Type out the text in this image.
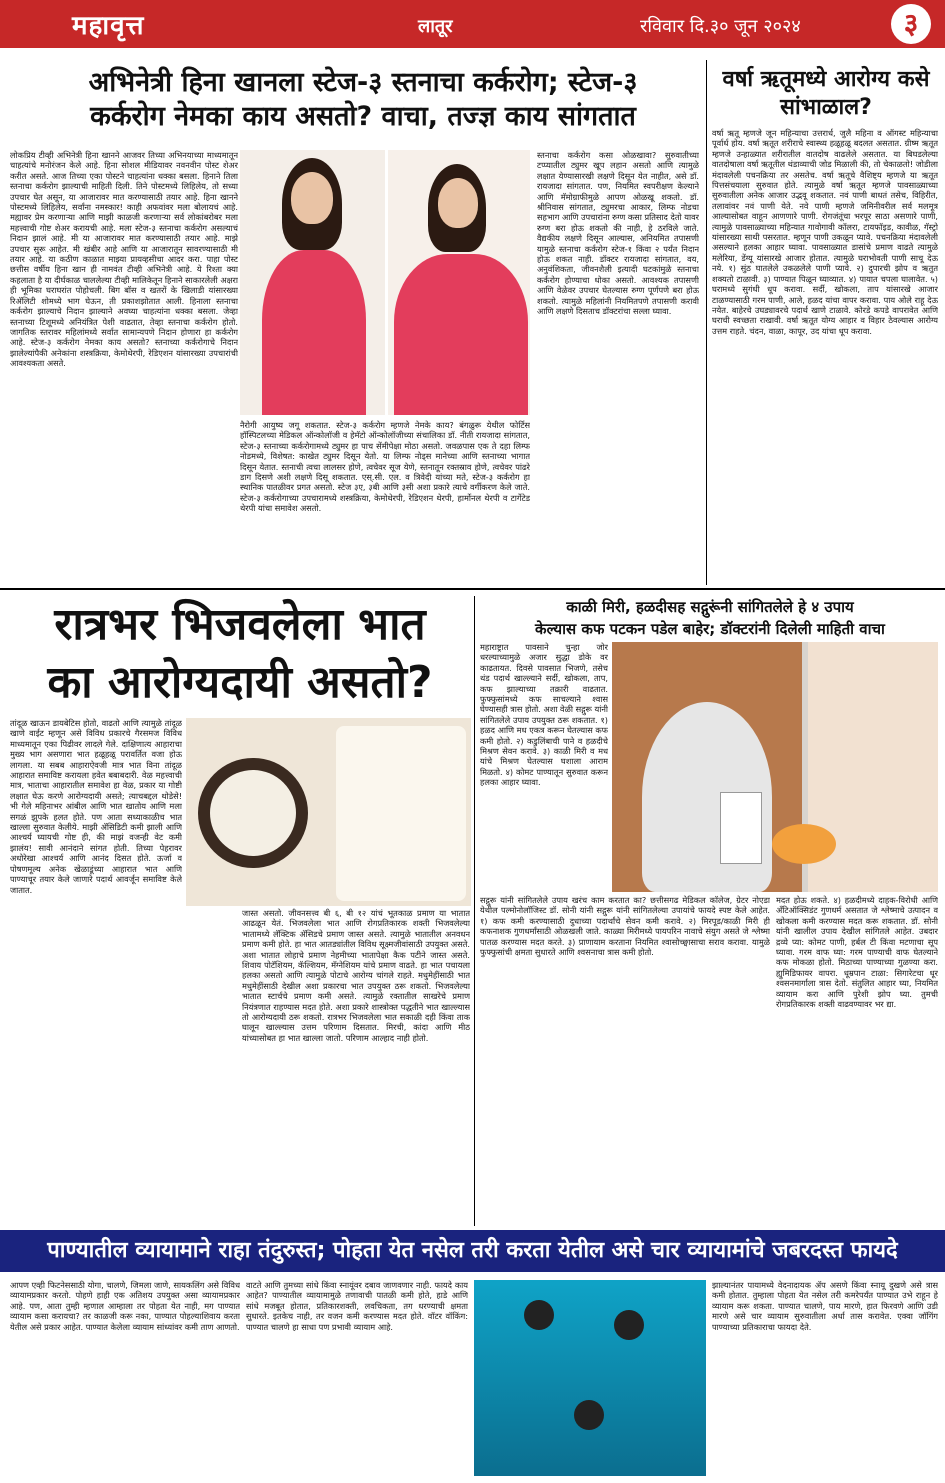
महावृत्त	लातूर	रविवार दि.३० जून २०२४	३
अभिनेत्री हिना खानला स्टेज-३ स्तनाचा कर्करोग; स्टेज-३
कर्करोग नेमका काय असतो? वाचा, तज्ज्ञ काय सांगतात
लोकप्रिय टीव्ही अभिनेत्री हिना खानने आजवर तिच्या अभिनयाच्या माध्यमातून चाहत्यांचे मनोरंजन केले आहे. हिना सोशल मीडियावर नवनवीन पोस्ट शेअर करीत असते. आज तिच्या एका पोस्टने चाहत्यांना धक्का बसला. हिनाने तिला स्तनाचा कर्करोग झाल्याची माहिती दिली. तिने पोस्टमध्ये लिहिलेय, तो सध्या उपचार घेत असून, या आजारावर मात करण्यासाठी तयार आहे. हिना खानने पोस्टमध्ये लिहिलेय, सर्वांना नमस्कार! काही अफवांवर मला बोलायचं आहे. मह्यावर प्रेम करणाऱ्या आणि माझी काळजी करणाऱ्या सर्व लोकांबरोबर मला महत्त्वाची गोष्ट शेअर करायची आहे. मला स्टेज-३ स्तनाचा कर्करोग असल्याचं निदान झालं आहे. मी या आजारावर मात करण्यासाठी तयार आहे. माझे उपचार सुरू आहेत. मी खंबीर आहे आणि या आजारातून सावरण्यासाठी मी तयार आहे. या कठीण काळात माझ्या प्रायव्हसीचा आदर करा. पाहा पोस्ट छत्तीस वर्षीय हिना खान ही नामवंत टीव्ही अभिनेत्री आहे. ये रिश्ता क्या कहलाता है या दीर्घकाळ चाललेल्या टीव्ही मालिकेतून हिनाने साकारलेली अक्षरा ही भूमिका घराघरांत पोहोचली. बिग बॉस व खतरों के खिलाडी यांसारख्या रिॲलिटी शोमध्ये भाग घेऊन, ती प्रकाशझोतात आली. हिनाला स्तनाचा कर्करोग झाल्याचे निदान झाल्याने अवघ्या चाहत्यांना धक्का बसला. जेव्हा स्तनाच्या टिशूमध्ये अनियंत्रित पेशी वाढतात, तेव्हा स्तनाचा कर्करोग होतो. जागतिक स्तरावर महिलांमध्ये सर्वात सामान्यपणे निदान होणारा हा कर्करोग आहे. स्टेज-३ कर्करोग नेमका काय असतो? स्तनाच्या कर्करोगाचे निदान झालेल्यांपैकी अनेकांना शस्त्रक्रिया, केमोथेरपी, रेडिएशन यांसारख्या उपचारांची आवश्यकता असते.
नैरोगी आयुष्य जगू शकतात. स्टेज-३ कर्करोग म्हणजे नेमके काय? बंगळुरू येथील फोर्टिस हॉस्पिटलच्या मेडिकल ऑन्कोलॉजी व हेमॅटो ऑन्कोलॉजीच्या संचालिका डॉ. नीती रायजादा सांगतात, स्टेज-३ स्तनाच्या कर्करोगामध्ये ट्युमर हा पाच सेंमीपेक्षा मोठा असतो. जवळपास एक ते दहा लिम्फ नोडमध्ये, विशेषत: काखेत ट्युमर दिसून येतो. या लिम्फ नोड्स मानेच्या आणि स्तनाच्या भागात दिसून येतात. स्तनाची त्वचा लालसर होणे, त्वचेवर सूज येणे, स्तनातून रक्तस्राव होणे, त्वचेवर पांढरे डाग दिसणे अशी लक्षणे दिसू शकतात. एस्.सी. एल. व त्रिवेदी यांच्या मते, स्टेज-३ कर्करोग हा स्थानिक पातळीवर प्रगत असतो. स्टेज ३ए, ३बी आणि ३सी अशा प्रकारे त्याचे वर्गीकरण केले जाते. स्टेज-३ कर्करोगाच्या उपचारामध्ये शस्त्रक्रिया, केमोथेरपी, रेडिएशन थेरपी, हार्मोनल थेरपी व टार्गेटेड थेरपी यांचा समावेश असतो.
स्तनाचा कर्करोग कसा ओळखावा? सुरुवातीच्या टप्प्यातील ट्युमर खूप लहान असतो आणि त्यामुळे लक्षात येण्यासारखी लक्षणे दिसून येत नाहीत, असे डॉ. रायजादा सांगतात. पण, नियमित स्वपरीक्षण केल्याने आणि मॅमोग्राफीमुळे आपण ओळखू शकतो. डॉ. श्रीनिवास सांगतात, ट्युमरचा आकार, लिम्फ नोडचा सहभाग आणि उपचारांना रुग्ण कसा प्रतिसाद देतो यावर रुग्ण बरा होऊ शकतो की नाही, हे ठरविले जाते. वैद्यकीय लक्षणे दिसून आल्यास, अनियमित तपासणी यामुळे स्तनाचा कर्करोग स्टेज-१ किंवा २ पर्यंत निदान होऊ शकत नाही. डॉक्टर रायजादा सांगतात, वय, अनुवंशिकता, जीवनशैली इत्यादी घटकांमुळे स्तनाचा कर्करोग होण्याचा धोका असतो. आवश्यक तपासणी आणि वेळेवर उपचार घेतल्यास रुग्ण पूर्णपणे बरा होऊ शकतो. त्यामुळे महिलांनी नियमितपणे तपासणी करावी आणि लक्षणे दिसताच डॉक्टरांचा सल्ला घ्यावा.
वर्षा ऋतूमध्ये आरोग्य कसे सांभाळाल?
वर्षा ऋतू म्हणजे जून महिन्याचा उत्तरार्ध, जुलै महिना व ऑगस्ट महिन्याचा पूर्वार्ध होय. वर्षा ऋतूत शरीराचे स्वास्थ्य हळूहळू बदलत असतात. ग्रीष्म ऋतूत म्हणजे उन्हाळ्यात शरीरातील वातदोष वाढलेले असतात. या बिघडलेल्या वातदोषाला वर्षा ऋतूतील थंडाव्याची जोड मिळाली की, तो चेकाळतो! जोडीला मंदावलेली पचनक्रिया तर असतेच. वर्षा ऋतूचे वैशिष्ट्य म्हणजे या ऋतूत पित्तसंचयाला सुरुवात होते. त्यामुळे वर्षा ऋतूत म्हणजे पावसाळ्याच्या सुरुवातीला अनेक आजार उद्भवू शकतात. नवं पाणी बाधतं तसेच, विहिरीत, तलावांवर नवं पाणी येते. नवे पाणी म्हणजे जमिनीवरील सर्व मलमूत्र आल्यासोबत वाहून आणणारे पाणी. रोगजंतूंचा भरपूर साठा असणारे पाणी, त्यामुळे पावसाळ्याच्या महिन्यात गावोगावी कॉलरा, टायफॉइड, कावीळ, गॅस्ट्रो यांसारख्या साथी पसरतात. म्हणून पाणी उकळून प्यावे. पचनक्रिया मंदावलेली असल्याने हलका आहार घ्यावा. पावसाळ्यात डासांचे प्रमाण वाढते त्यामुळे मलेरिया, डेंग्यू यांसारखे आजार होतात. त्यामुळे घराभोवती पाणी साचू देऊ नये. १) सुंठ घातलेले उकळलेले पाणी प्यावे. २) दुपारची झोप व ऋतुत शक्यतो टाळावी. ३) पाण्यात पिळून घ्याव्यात. ४) पायात चपला घालावेत. ५) घरामध्ये सुगंधी धूप करावा. सर्दी, खोकला, ताप यांसारखे आजार टाळण्यासाठी गरम पाणी, आले, हळद यांचा वापर करावा. पाय ओले राहू देऊ नयेत. बाहेरचे उघड्यावरचे पदार्थ खाणे टाळावे. कोरडे कपडे वापरावेत आणि घराची स्वच्छता राखावी. वर्षा ऋतूत योग्य आहार व विहार ठेवल्यास आरोग्य उत्तम राहते. चंदन, वाळा, कापूर, उद यांचा धूप करावा.
रात्रभर भिजवलेला भात
का आरोग्यदायी असतो?
तांदूळ खाऊन डायबेटिस होतो, वाढतो आणि त्यामुळे तांदूळ खाणे वाईट म्हणून असे विविध प्रकारचे गैरसमज विविध माध्यमातून एका पिढीवर लादले गेले. दाक्षिणात्य आहाराचा मुख्य भाग असणारा भात हळूहळू परावर्तित वजा होऊ लागला. या सबब आहाराऐवजी मात्र भात विना तांदूळ आहारात समाविष्ट करायला हवेत बबाबदारी. वेळ महत्त्वाची मात्र, भाताचा आहारातील समावेश हा वेळ, प्रकार या गोष्टी लक्षात घेऊ करणे आरोग्यदायी असते; त्याचबद्दल थोडेसे! भी गेले महिनाभर आंबील आणि भात खातोय आणि मला सगळं झुपके हलत होते. पण आता सध्याकाळीच भात खाल्ला सुरुवात केलीये. माझी ॲसिडिटी कमी झाली आणि आश्चर्य घ्यायची गोष्ट ही, की माझं वजन्ही वेट कमी झालंय! सावी आनंदाने सांगत होती. तिच्या पेहरावर अधोरेखा आश्चर्य आणि आनंद दिसत होते. ऊर्जा व पोषणमूल्य अनेक खेळाडूंच्या आहारात भात आणि पाण्याचूर तयार केले जाणारे पदार्थ आवर्जून समाविष्ट केले जातात.
जास्त असतो. जीवनसत्त्व बी ६, बी १२ यांचं भूतकाळ प्रमाण या भातात आढळून येतं. भिजवलेला भात आणि रोगप्रतिकारक शक्ती भिजवलेल्या भातामध्ये लॅक्टिक ॲसिडचे प्रमाण जास्त असते. त्यामुळे भातातील अनवधन प्रमाण कमी होते. हा भात आतड्यांतील विविध सूक्ष्मजीवांसाठी उपयुक्त असते. अशा भातात लोहाचे प्रमाण नेहमीच्या भातापेक्षा कैक पटीने जास्त असते. शिवाय पोटॅशियम, कॅल्शियम, मॅग्नेशियम यांचे प्रमाण वाढते. हा भात पचायला हलका असतो आणि त्यामुळे पोटाचे आरोग्य चांगले राहते. मधुमेहींसाठी भात मधुमेहींसाठी देखील अशा प्रकारचा भात उपयुक्त ठरू शकतो. भिजवलेल्या भातात स्टार्चचे प्रमाण कमी असते. त्यामुळे रक्तातील साखरेचे प्रमाण नियंत्रणात राहण्यास मदत होते. अशा प्रकारे शास्त्रोक्त पद्धतीने भात खाल्ल्यास तो आरोग्यदायी ठरू शकतो. रात्रभर भिजवलेला भात सकाळी दही किंवा ताक घालून खाल्ल्यास उत्तम परिणाम दिसतात. मिरची, कांदा आणि मीठ यांच्यासोबत हा भात खाल्ला जातो. परिणाम आल्हाद नाही होतो.
काळी मिरी, हळदीसह सद्गुरूंनी सांगितलेले हे ४ उपाय
केल्यास कफ पटकन पडेल बाहेर; डॉक्टरांनी दिलेली माहिती वाचा
महाराष्ट्रात पावसाने चुन्हा जोर धरल्याच्यामुळे अजार सुद्धा डोके वर काढतायत. दिवसे पावसात भिजणे, तसेच थंड पदार्थ खाल्ल्याने सर्दी, खोकला, ताप, कफ झाल्याच्या तक्रारी वाढतात. फुफ्फुसांमध्ये कफ साचल्याने श्वास घेण्यासही त्रास होतो. अशा वेळी सद्गुरू यांनी सांगितलेले उपाय उपयुक्त ठरू शकतात. १) हळद आणि मध एकत्र करून घेतल्यास कफ कमी होतो. २) कडुलिंबाची पाने व हळदीचे मिश्रण सेवन करावे. ३) काळी मिरी व मध यांचे मिश्रण घेतल्यास घशाला आराम मिळतो. ४) कोमट पाण्यातून सुरुवात करून हलका आहार घ्यावा.
सद्गुरू यांनी सांगितलेले उपाय खरंच काम करतात का? छत्तीसगढ मेडिकल कॉलेज, ग्रेटर नोएडा येथील पल्मोनोलॉजिस्ट डॉ. सोनी यांनी सद्गुरू यांनी सांगितलेल्या उपायांचे फायदे स्पष्ट केले आहेत. १) कफ कमी करण्यासाठी दुधाच्या पदार्थांचे सेवन कमी करावे. २) मिरपूड/काळी मिरी ही कफनाशक गुणधर्मांसाठी ओळखली जाते. काळ्या मिरीमध्ये पायपरिन नावाचे संयुग असते जे श्लेष्मा पातळ करण्यास मदत करते. ३) प्राणायाम करताना नियमित श्वासोच्छ्वासाचा सराव करावा. यामुळे फुफ्फुसांची क्षमता सुधारते आणि श्वसनाचा त्रास कमी होतो.
मदत होऊ शकते. ४) हळदीमध्ये दाहक-विरोधी आणि अँटिऑक्सिडंट गुणधर्म असतात जे श्लेष्माचे उत्पादन व खोकला कमी करण्यास मदत करू शकतात. डॉ. सोनी यांनी खालील उपाय देखील सांगितले आहेत. उबदार द्रव्ये प्या: कोमट पाणी, हर्बल टी किंवा मटणाचा सूप घ्यावा. गरम वाफ घ्या: गरम पाण्याची वाफ घेतल्याने कफ मोकळा होतो. मिठाच्या पाण्याच्या गुळण्या करा. ह्युमिडिफायर वापरा. धूम्रपान टाळा: सिगारेटचा धूर श्वसनमार्गाला त्रास देतो. संतुलित आहार घ्या, नियमित व्यायाम करा आणि पुरेशी झोप घ्या. तुमची रोगप्रतिकारक शक्ती वाढवण्यावर भर द्या.
पाण्यातील व्यायामाने राहा तंदुरुस्त; पोहता येत नसेल तरी करता येतील असे चार व्यायामांचे जबरदस्त फायदे
आपण एव्ही फिटनेससाठी योगा, चालणे, जिमला जाणे, सायकलिंग असे विविध व्यायामप्रकार करतो. पोहणे हाही एक अतिशय उपयुक्त असा व्यायामप्रकार आहे. पण, आता तुम्ही म्हणाल आम्हाला तर पोहता येत नाही, मग पाण्यात व्यायाम कसा करायचा? तर काळजी करू नका, पाण्यात पोहल्याशिवाय करता येतील असे प्रकार आहेत. पाण्यात केलेला व्यायाम सांध्यांवर कमी ताण आणतो.
वाटते आणि तुमच्या सांधे किंवा स्नायूंवर दबाव जाणवणार नाही. फायदे काय आहेत? पाण्यातील व्यायामामुळे तणावाची पातळी कमी होते, हाडे आणि सांधे मजबूत होतात, प्रतिकारशक्ती, लवचिकता, तग धरण्याची क्षमता सुधारते. इतकेच नाही, तर वजन कमी करण्यास मदत होते. वॉटर वॉकिंग: पाण्यात चालणे हा साधा पण प्रभावी व्यायाम आहे.
झाल्यानंतर पायामध्ये वेदनादायक ॲप असणे किंवा स्नायू दुखणे असे त्रास कमी होतात. तुम्हाला पोहता येत नसेल तरी कमरेपर्यंत पाण्यात उभे राहून हे व्यायाम करू शकता. पाण्यात चालणे, पाय मारणे, हात फिरवणे आणि उडी मारणे असे चार व्यायाम सुरुवातीला अर्धा तास करावेत. एक्वा जॉगिंग पाण्याच्या प्रतिकाराचा फायदा देते.
